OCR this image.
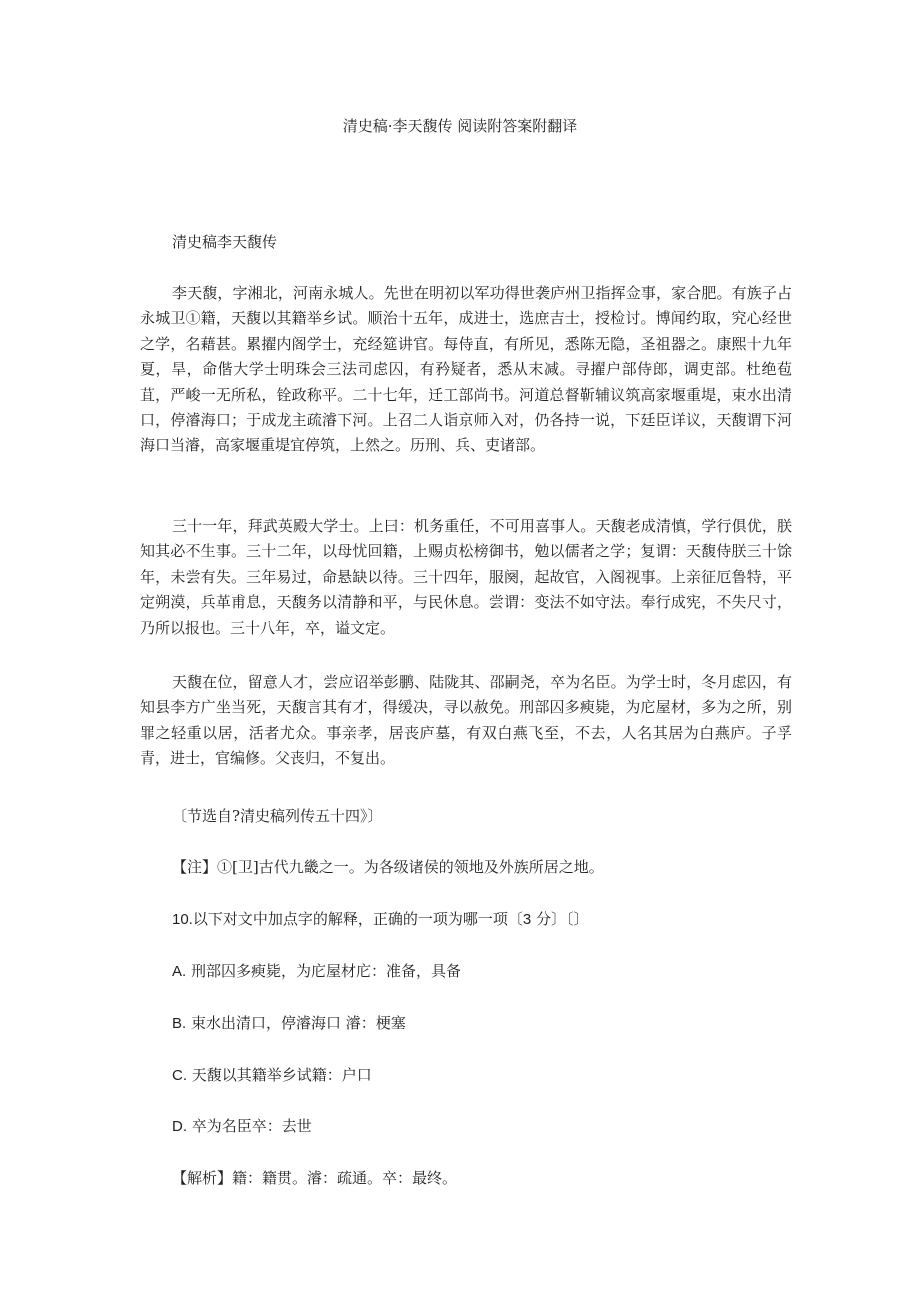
清史稿·李天馥传 阅读附答案附翻译
清史稿李天馥传

李天馥，字湘北，河南永城人。先世在明初以军功得世袭庐州卫指挥佥事，家合肥。有族子占永城卫①籍，天馥以其籍举乡试。顺治十五年，成进士，选庶吉士，授检讨。博闻约取，究心经世之学，名藉甚。累擢内阁学士，充经筵讲官。每侍直，有所见，悉陈无隐，圣祖器之。康熙十九年夏，旱，命偕大学士明珠会三法司虑囚，有矜疑者，悉从末减。寻擢户部侍郎，调吏部。杜绝苞苴，严峻一无所私，铨政称平。二十七年，迁工部尚书。河道总督靳辅议筑高家堰重堤，束水出清口，停濬海口；于成龙主疏濬下河。上召二人诣京师入对，仍各持一说，下廷臣详议，天馥谓下河海口当濬，高家堰重堤宜停筑，上然之。历刑、兵、吏诸部。

三十一年，拜武英殿大学士。上曰：机务重任，不可用喜事人。天馥老成清慎，学行俱优，朕知其必不生事。三十二年，以母忧回籍，上赐贞松榜御书，勉以儒者之学；复谓：天馥侍朕三十馀年，未尝有失。三年易过，命悬缺以待。三十四年，服阕，起故官，入阁视事。上亲征厄鲁特，平定朔漠，兵革甫息，天馥务以清静和平，与民休息。尝谓：变法不如守法。奉行成宪，不失尺寸，乃所以报也。三十八年，卒，谥文定。

天馥在位，留意人才，尝应诏举彭鹏、陆陇其、邵嗣尧，卒为名臣。为学士时，冬月虑囚，有知县李方广坐当死，天馥言其有才，得缓决，寻以赦免。刑部囚多瘐毙，为庀屋材，多为之所，别罪之轻重以居，活者尤众。事亲孝，居丧庐墓，有双白燕飞至，不去，人名其居为白燕庐。子孚青，进士，官编修。父丧归，不复出。

〔节选自?清史稿列传五十四》〕
【注】①[卫]古代九畿之一。为各级诸侯的领地及外族所居之地。
10.以下对文中加点字的解释，正确的一项为哪一项〔3 分〕〔〕
A. 刑部囚多瘐毙，为庀屋材庀：准备，具备
B. 束水出清口，停濬海口 濬：梗塞
C. 天馥以其籍举乡试籍：户口
D. 卒为名臣卒：去世
【解析】籍：籍贯。濬：疏通。卒：最终。
